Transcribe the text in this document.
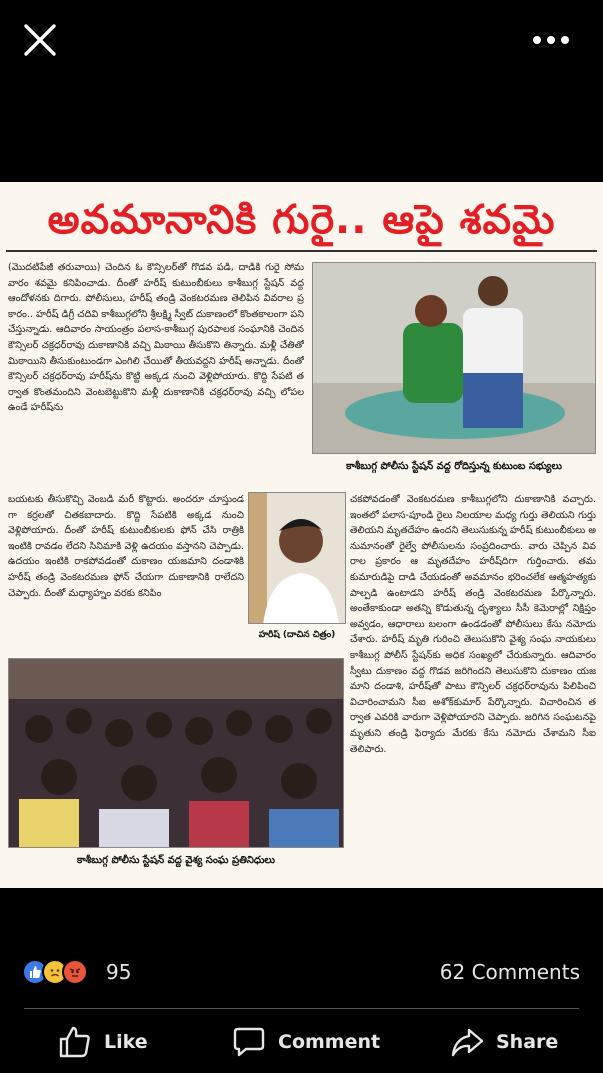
అవమానానికి గురై.. ఆపై శవమై
(మొదటిపేజీ తరువాయి) చెందిన ఓ కౌన్సిలర్‌తో గొడవ పడి, దాడికి గురై సోమవారం శవమై కనిపించాడు. దీంతో హరీష్ కుటుంబీకులు కాశీబుగ్గ స్టేషన్ వద్ద ఆందోళనకు దిగారు. పోలీసులు, హరీష్ తండ్రి వెంకటరమణ తెలిపిన వివరాల ప్రకారం.. హరీష్ డిగ్రీ చదివి కాశీబుగ్గలోని శ్రీలక్ష్మి స్వీట్ దుకాణంలో కొంతకాలంగా పని చేస్తున్నాడు. ఆదివారం సాయంత్రం పలాస-కాశీబుగ్గ పురపాలక సంఘానికి చెందిన కౌన్సిలర్ చక్రధర్‌రావు దుకాణానికి వచ్చి మిఠాయి తీసుకొని తిన్నారు. మళ్లీ చేతితో మిఠాయిని తీసుకుంటుండగా ఎంగిలి చేయితో తీయవద్దని హరీష్ అన్నాడు. దీంతో కౌన్సిలర్ చక్రధర్‌రావు హరీష్‌ను కొట్టి అక్కడ నుంచి వెళ్లిపోయారు. కొద్ది సేపటి తర్వాత కొంతమందిని వెంటబెట్టుకొని మళ్లీ దుకాణానికి చక్రధర్‌రావు వచ్చి లోపల ఉండే హరీష్‌ను
కాశీబుగ్గ పోలీసు స్టేషన్ వద్ద రోదిస్తున్న కుటుంబ సభ్యులు
బయటకు తీసుకొచ్చి వెంబడి మరీ కొట్టారు. అందరూ చూస్తుండగా కర్రలతో చితకబాదారు. కొద్ది సేపటికి అక్కడ నుంచి వెళ్లిపోయారు. దీంతో హరీష్ కుటుంబీకులకు ఫోన్ చేసి రాత్రికి ఇంటికి రావడం లేదని సినిమాకి వెళ్లి ఉదయం వస్తానని చెప్పాడు. ఉదయం ఇంటికి రాకపోవడంతో దుకాణం యజమాని దండాశికి హరీష్ తండ్రి వెంకటరమణ ఫోన్ చేయగా దుకాణానికి రాలేదని చెప్పారు. దీంతో మధ్యాహ్నం వరకు కనిపిం
హరీష్ (దాచిన చిత్రం)
చకపోవడంతో వెంకటరమణ కాశీబుగ్గలోని దుకాణానికి వచ్చారు. ఇంతలో పలాస-పూండి రైలు నిలయాల మధ్య గుర్తు తెలియని గుర్తు తెలియని మృతదేహం ఉందని తెలుసుకున్న హరీష్ కుటుంబీకులు అనుమానంతో రైల్వే పోలీసులను సంప్రదించారు. వారు చెప్పిన వివరాల ప్రకారం ఆ మృతదేహం హరీష్‌దిగా గుర్తించారు. తమ కుమారుడిపై దాడి చేయడంతో అవమానం భరించలేక ఆత్మహత్యకు పాల్పడి ఉంటాడని హరీష్ తండ్రి వెంకటరమణ పేర్కొన్నారు. అంతేకాకుండా అతన్ని కొడుతున్న దృశ్యాలు సీసీ కెమెరాల్లో నిక్షిప్తం అవ్వడం, ఆధారాలు బలంగా ఉండడంతో పోలీసులు కేసు నమోదు చేశారు. హరీష్ మృతి గురించి తెలుసుకొని వైశ్య సంఘ నాయకులు కాశీబుగ్గ పోలీస్ స్టేషన్‌కు అధిక సంఖ్యలో చేరుకున్నారు. ఆదివారం స్వీటు దుకాణం వద్ద గొడవ జరిగిందని తెలుసుకొని దుకాణం యజమాని దండాశి, హరీష్‌తో పాటు కౌన్సిలర్ చక్రధర్‌రావును పిలిపించి విచారించామని సీఐ అశోక్‌కుమార్ పేర్కొన్నారు. విచారించిన తర్వాత ఎవరికి వారుగా వెళ్లిపోయారని చెప్పారు. జరిగిన సంఘటనపై మృతుని తండ్రి ఫిర్యాదు మేరకు కేసు నమోదు చేశామని సీఐ తెలిపారు.
కాశీబుగ్గ పోలీసు స్టేషన్ వద్ద వైశ్య సంఘ ప్రతినిధులు
95	62 Comments
Like	Comment	Share
